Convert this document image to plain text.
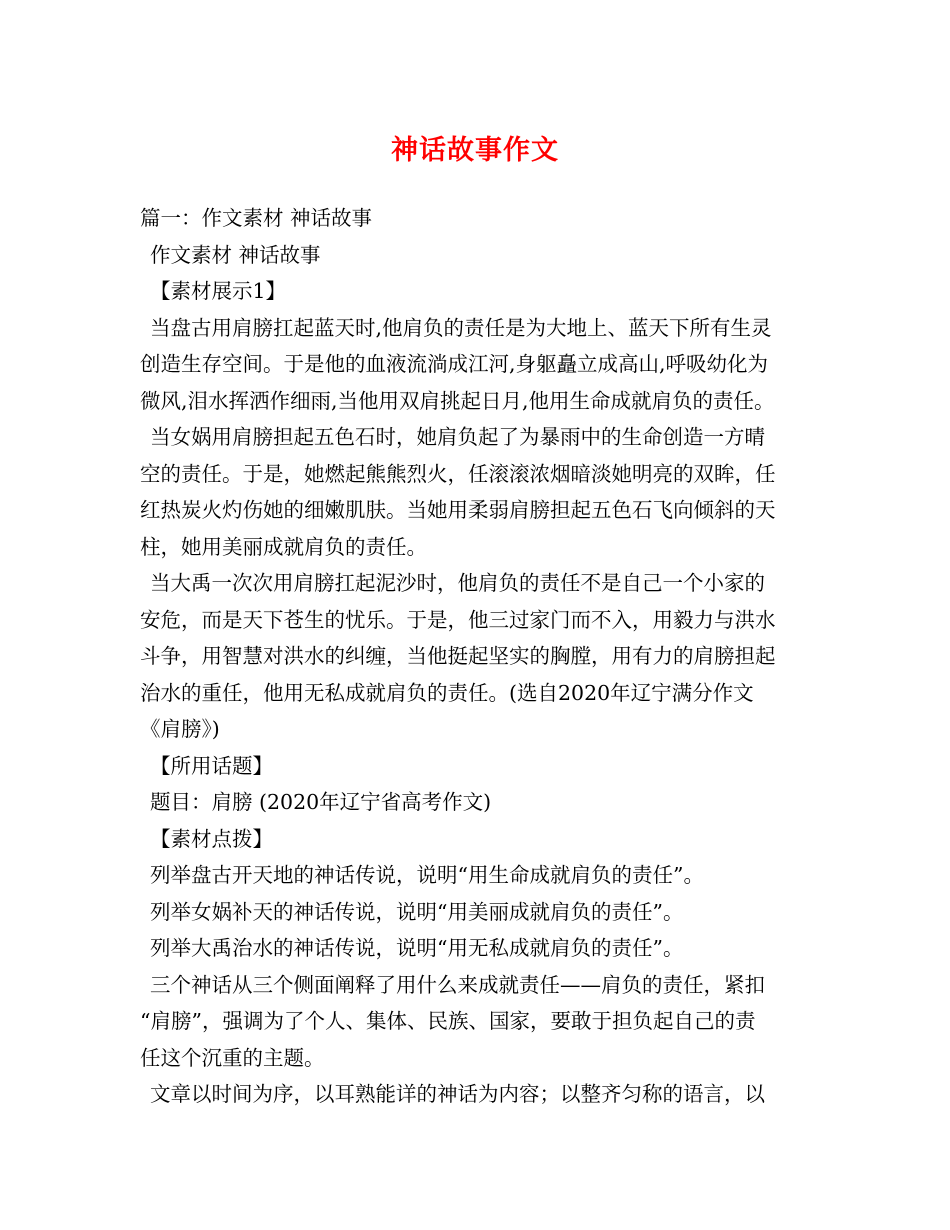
神话故事作文
篇一：作文素材 神话故事
作文素材 神话故事
【素材展示1】
当盘古用肩膀扛起蓝天时,他肩负的责任是为大地上、蓝天下所有生灵
创造生存空间。于是他的血液流淌成江河,身躯矗立成高山,呼吸幼化为
微风,泪水挥洒作细雨,当他用双肩挑起日月,他用生命成就肩负的责任。
当女娲用肩膀担起五色石时，她肩负起了为暴雨中的生命创造一方晴
空的责任。于是，她燃起熊熊烈火，任滚滚浓烟暗淡她明亮的双眸，任
红热炭火灼伤她的细嫩肌肤。当她用柔弱肩膀担起五色石飞向倾斜的天
柱，她用美丽成就肩负的责任。
当大禹一次次用肩膀扛起泥沙时，他肩负的责任不是自己一个小家的
安危，而是天下苍生的忧乐。于是，他三过家门而不入，用毅力与洪水
斗争，用智慧对洪水的纠缠，当他挺起坚实的胸膛，用有力的肩膀担起
治水的重任，他用无私成就肩负的责任。(选自2020年辽宁满分作文
《肩膀》)
【所用话题】
题目：肩膀 (2020年辽宁省高考作文)
【素材点拨】
列举盘古开天地的神话传说，说明“用生命成就肩负的责任”。
列举女娲补天的神话传说，说明“用美丽成就肩负的责任”。
列举大禹治水的神话传说，说明“用无私成就肩负的责任”。
三个神话从三个侧面阐释了用什么来成就责任——肩负的责任，紧扣
“肩膀”，强调为了个人、集体、民族、国家，要敢于担负起自己的责
任这个沉重的主题。
文章以时间为序，以耳熟能详的神话为内容；以整齐匀称的语言，以
